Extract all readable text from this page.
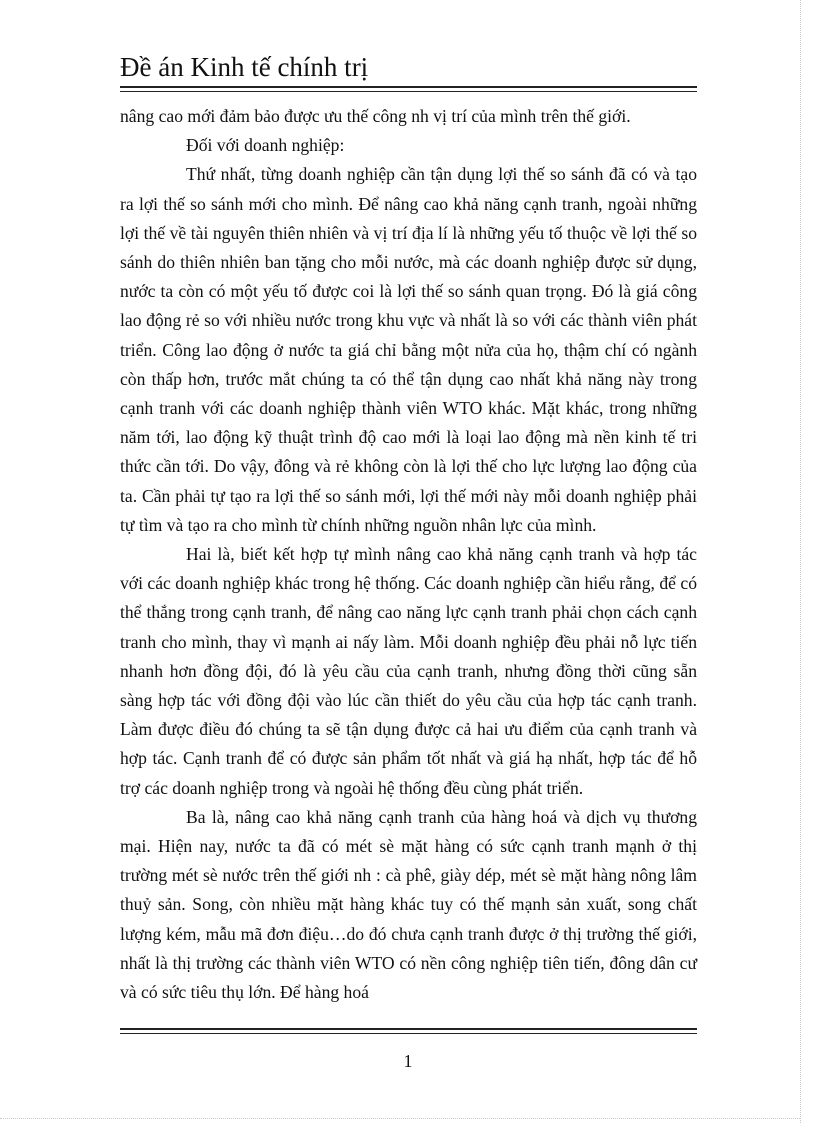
Đề án Kinh tế chính trị

nâng cao mới đảm bảo được ưu thế công nh vị trí của mình trên thế giới.

Đối với doanh nghiệp:

Thứ nhất, từng doanh nghiệp cần tận dụng lợi thế so sánh đã có và tạo ra lợi thế so sánh mới cho mình. Để nâng cao khả năng cạnh tranh, ngoài những lợi thế về tài nguyên thiên nhiên và vị trí địa lí là những yếu tố thuộc về lợi thế so sánh do thiên nhiên ban tặng cho mỗi nước, mà các doanh nghiệp được sử dụng, nước ta còn có một yếu tố được coi là lợi thế so sánh quan trọng. Đó là giá công lao động rẻ so với nhiều nước trong khu vực và nhất là so với các thành viên phát triển. Công lao động ở nước ta giá chỉ bằng một nửa của họ, thậm chí có ngành còn thấp hơn, trước mắt chúng ta có thể tận dụng cao nhất khả năng này trong cạnh tranh với các doanh nghiệp thành viên WTO khác. Mặt khác, trong những năm tới, lao động kỹ thuật trình độ cao mới là loại lao động mà nền kinh tế tri thức cần tới. Do vậy, đông và rẻ không còn là lợi thế cho lực lượng lao động của ta. Cần phải tự tạo ra lợi thế so sánh mới, lợi thế mới này mỗi doanh nghiệp phải tự tìm và tạo ra cho mình từ chính những nguồn nhân lực của mình.

Hai là, biết kết hợp tự mình nâng cao khả năng cạnh tranh và hợp tác với các doanh nghiệp khác trong hệ thống. Các doanh nghiệp cần hiểu rằng, để có thể thắng trong cạnh tranh, để nâng cao năng lực cạnh tranh phải chọn cách cạnh tranh cho mình, thay vì mạnh ai nấy làm. Mỗi doanh nghiệp đều phải nỗ lực tiến nhanh hơn đồng đội, đó là yêu cầu của cạnh tranh, nhưng đồng thời cũng sẵn sàng hợp tác với đồng đội vào lúc cần thiết do yêu cầu của hợp tác cạnh tranh. Làm được điều đó chúng ta sẽ tận dụng được cả hai ưu điểm của cạnh tranh và hợp tác. Cạnh tranh để có được sản phẩm tốt nhất và giá hạ nhất, hợp tác để hỗ trợ các doanh nghiệp trong và ngoài hệ thống đều cùng phát triển.

Ba là, nâng cao khả năng cạnh tranh của hàng hoá và dịch vụ thương mại. Hiện nay, nước ta đã có mét sè mặt hàng có sức cạnh tranh mạnh ở thị trường mét sè nước trên thế giới nh : cà phê, giày dép, mét sè mặt hàng nông lâm thuỷ sản. Song, còn nhiều mặt hàng khác tuy có thế mạnh sản xuất, song chất lượng kém, mẫu mã đơn điệu…do đó chưa cạnh tranh được ở thị trường thế giới, nhất là thị trường các thành viên WTO có nền công nghiệp tiên tiến, đông dân cư và có sức tiêu thụ lớn. Để hàng hoá

1
